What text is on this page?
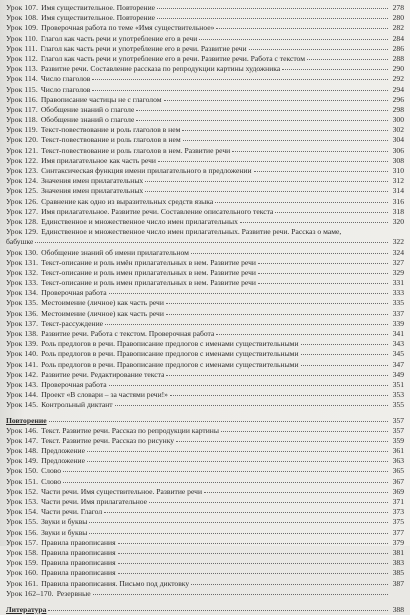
Урок 107. Имя существительное. Повторение	278
Урок 108. Имя существительное. Повторение	280
Урок 109. Проверочная работа по теме «Имя существительное»	282
Урок 110. Глагол как часть речи и употребление его в речи	284
Урок 111. Глагол как часть речи и употребление его в речи. Развитие речи	286
Урок 112. Глагол как часть речи и употребление его в речи. Развитие речи. Работа с текстом	288
Урок 113. Развитие речи. Составление рассказа по репродукции картины художника	290
Урок 114. Число глаголов	292
Урок 115. Число глаголов	294
Урок 116. Правописание частицы не с глаголом	296
Урок 117. Обобщение знаний о глаголе	298
Урок 118. Обобщение знаний о глаголе	300
Урок 119. Текст-повествование и роль глаголов в нем	302
Урок 120. Текст-повествование и роль глаголов в нем	304
Урок 121. Текст-повествование и роль глаголов в нем. Развитие речи	306
Урок 122. Имя прилагательное как часть речи	308
Урок 123. Синтаксическая функция имени прилагательного в предложении	310
Урок 124. Значения имен прилагательных	312
Урок 125. Значения имен прилагательных	314
Урок 126. Сравнение как одно из выразительных средств языка	316
Урок 127. Имя прилагательное. Развитие речи. Составление описательного текста	318
Урок 128. Единственное и множественное число имен прилагательных	320
Урок 129. Единственное и множественное число имен прилагательных. Развитие речи. Рассказ о маме,
бабушке	322
Урок 130. Обобщение знаний об имени прилагательном	324
Урок 131. Текст-описание и роль имён прилагательных в нем. Развитие речи	327
Урок 132. Текст-описание и роль имен прилагательных в нем. Развитие речи	329
Урок 133. Текст-описание и роль имен прилагательных в нем. Развитие речи	331
Урок 134. Проверочная работа	333
Урок 135. Местоимение (личное) как часть речи	335
Урок 136. Местоимение (личное) как часть речи	337
Урок 137. Текст-рассуждение	339
Урок 138. Развитие речи. Работа с текстом. Проверочная работа	341
Урок 139. Роль предлогов в речи. Правописание предлогов с именами существительными	343
Урок 140. Роль предлогов в речи. Правописание предлогов с именами существительными	345
Урок 141. Роль предлогов в речи. Правописание предлогов с именами существительными	347
Урок 142. Развитие речи. Редактирование текста	349
Урок 143. Проверочная работа	351
Урок 144. Проект «В словари – за частями речи!»	353
Урок 145. Контрольный диктант	355
Повторение	357
Урок 146. Текст. Развитие речи. Рассказ по репродукции картины	357
Урок 147. Текст. Развитие речи. Рассказ по рисунку	359
Урок 148. Предложение	361
Урок 149. Предложение	363
Урок 150. Слово	365
Урок 151. Слово	367
Урок 152. Части речи. Имя существительное. Развитие речи	369
Урок 153. Части речи. Имя прилагательное	371
Урок 154. Части речи. Глагол	373
Урок 155. Звуки и буквы	375
Урок 156. Звуки и буквы	377
Урок 157. Правила правописания	379
Урок 158. Правила правописания	381
Урок 159. Правила правописания	383
Урок 160. Правила правописания	385
Урок 161. Правила правописания. Письмо под диктовку	387
Урок 162–170. Резервные
Литература	388
